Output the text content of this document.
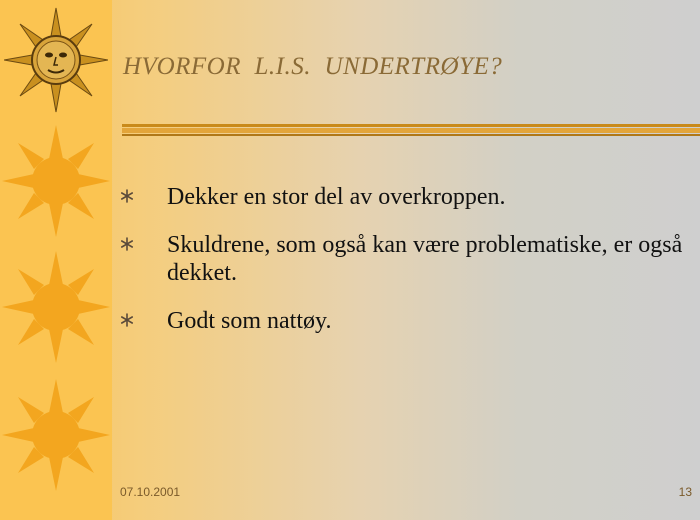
HVORFOR  L.I.S.  UNDERTRØYE?
Dekker en stor del av overkroppen.
Skuldrene, som også kan være problematiske, er også dekket.
Godt som nattøy.
07.10.2001	13
